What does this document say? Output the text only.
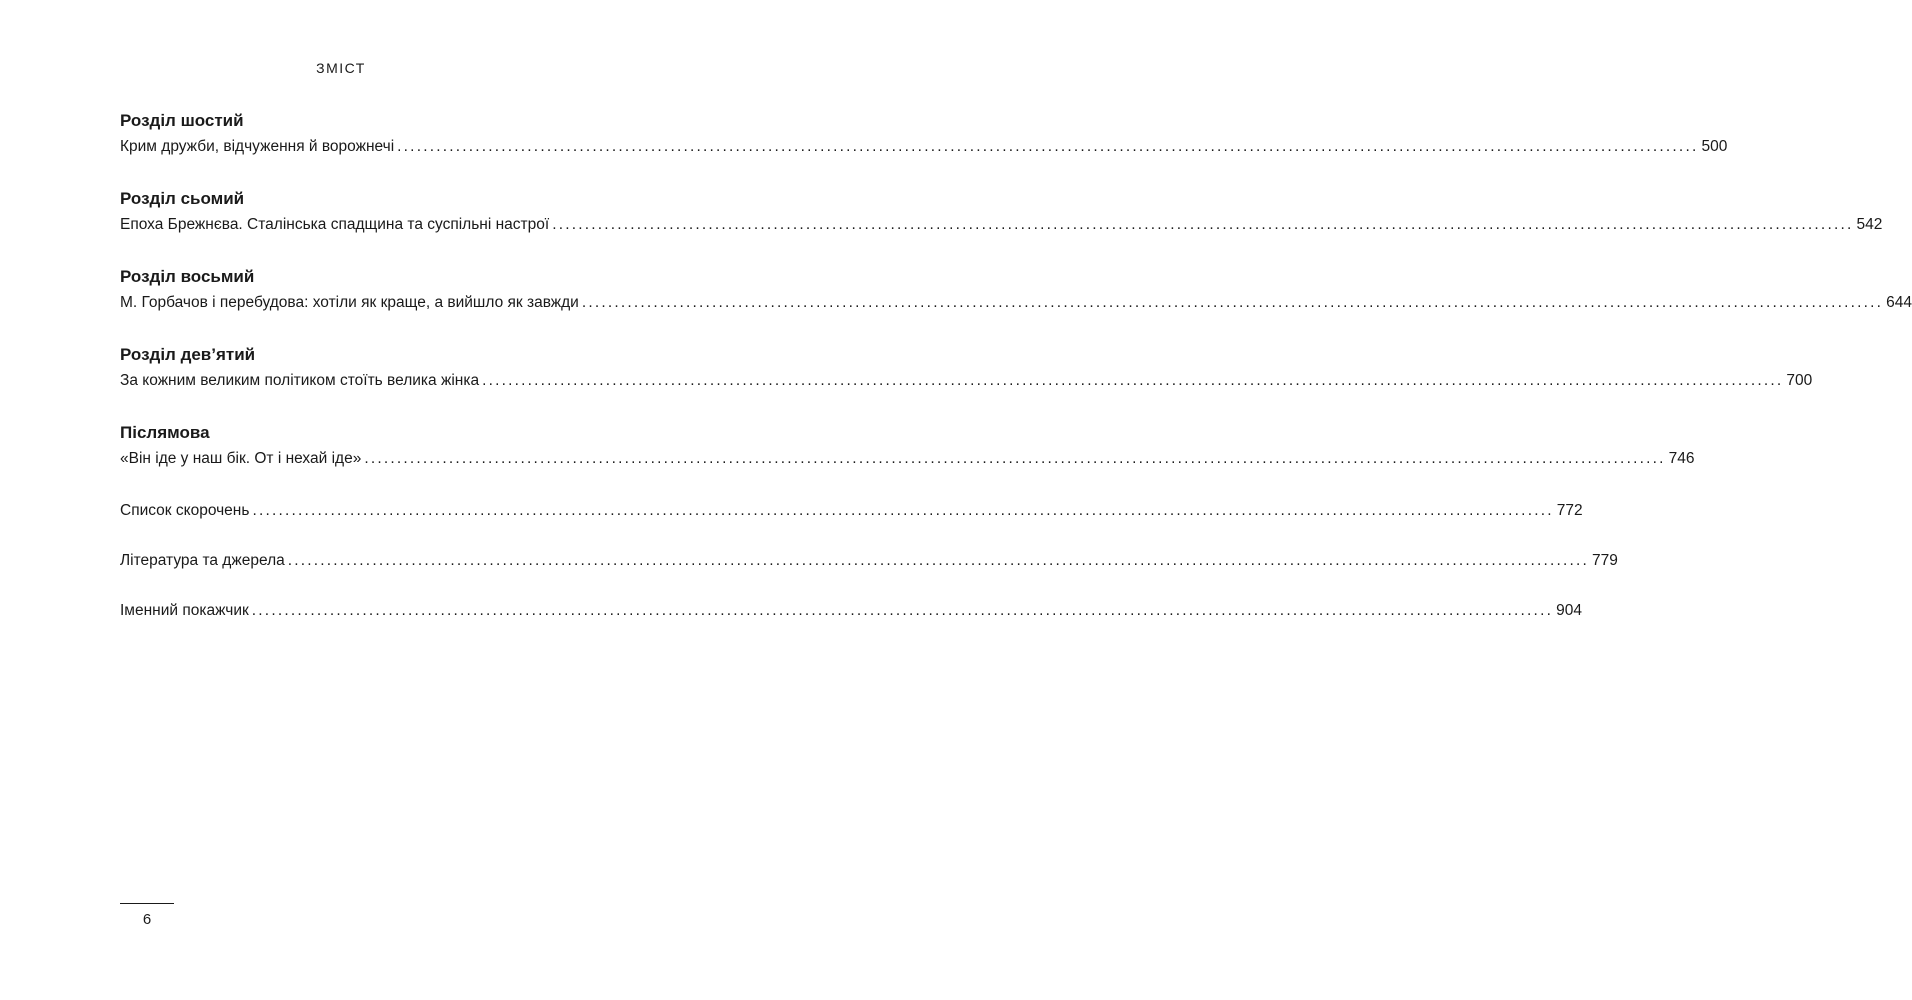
ЗМІСТ
Розділ шостий
Крим дружби, відчуження й ворожнечі ........................................................................................................................................................................................................ 500
Розділ сьомий
Епоха Брежнєва. Сталінська спадщина та суспільні настрої ........................................................................................................................................................................................................ 542
Розділ восьмий
М. Горбачов і перебудова: хотіли як краще, а вийшло як завжди ........................................................................................................................................................................................................ 644
Розділ дев’ятий
За кожним великим політиком стоїть велика жінка ........................................................................................................................................................................................................ 700
Післямова
«Він іде у наш бік. От і нехай іде» ........................................................................................................................................................................................................ 746
Список скорочень ........................................................................................................................................................................................................ 772
Література та джерела ........................................................................................................................................................................................................ 779
Іменний покажчик ........................................................................................................................................................................................................ 904
6
